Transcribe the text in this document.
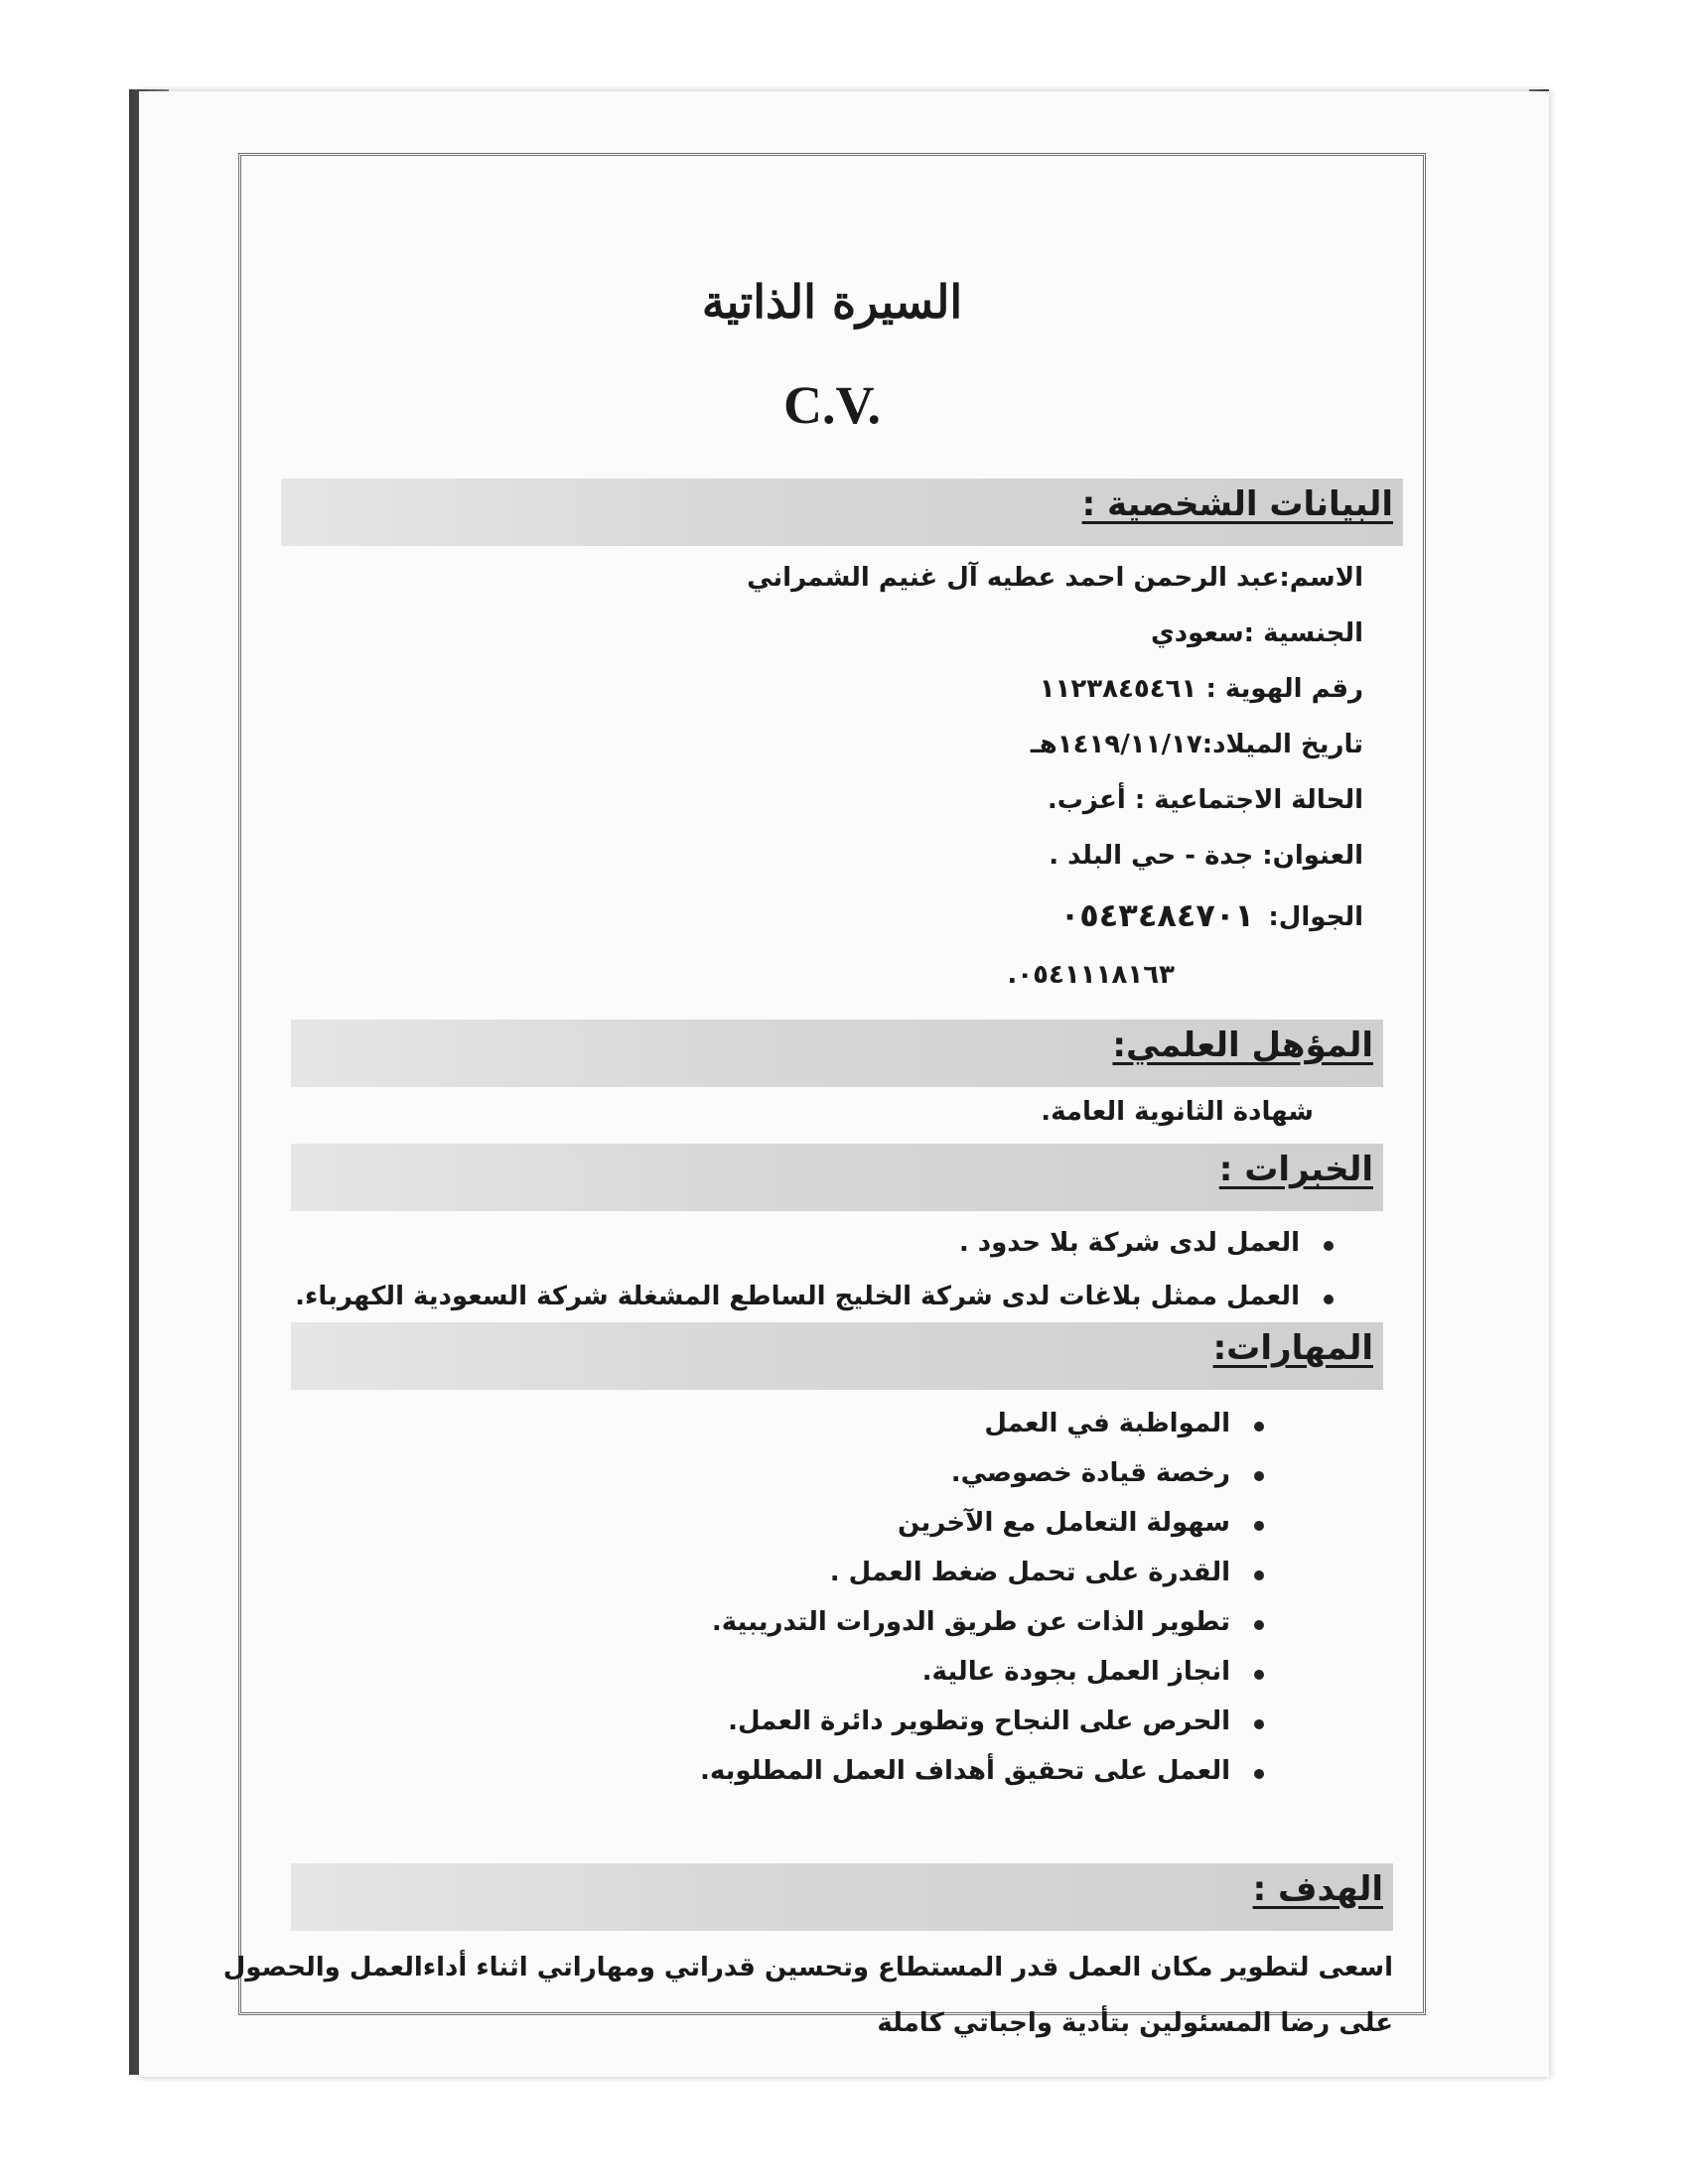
السيرة الذاتية
C.V.
البيانات الشخصية :
الاسم:عبد الرحمن احمد عطيه آل غنيم الشمراني
الجنسية :سعودي
رقم الهوية : ١١٢٣٨٤٥٤٦١
تاريخ الميلاد:١٤١٩/١١/١٧هـ
الحالة الاجتماعية : أعزب.
العنوان: جدة - حي البلد .
الجوال:
٠٥٤٣٤٨٤٧٠١
٠٥٤١١١٨١٦٣.
المؤهل العلمي:
شهادة الثانوية العامة.
الخبرات :
العمل لدى شركة بلا حدود .
العمل ممثل بلاغات لدى شركة الخليج الساطع المشغلة شركة السعودية الكهرباء.
المهارات:
المواظبة في العمل
رخصة قيادة خصوصي.
سهولة التعامل مع الآخرين
القدرة على تحمل ضغط العمل .
تطوير الذات عن طريق الدورات التدريبية.
انجاز العمل بجودة عالية.
الحرص على النجاح وتطوير دائرة العمل.
العمل على تحقيق أهداف العمل المطلوبه.
الهدف :
اسعى لتطوير مكان العمل قدر المستطاع وتحسين قدراتي ومهاراتي اثناء أداءالعمل والحصول
على رضا المسئولين بتأدية واجباتي كاملة
